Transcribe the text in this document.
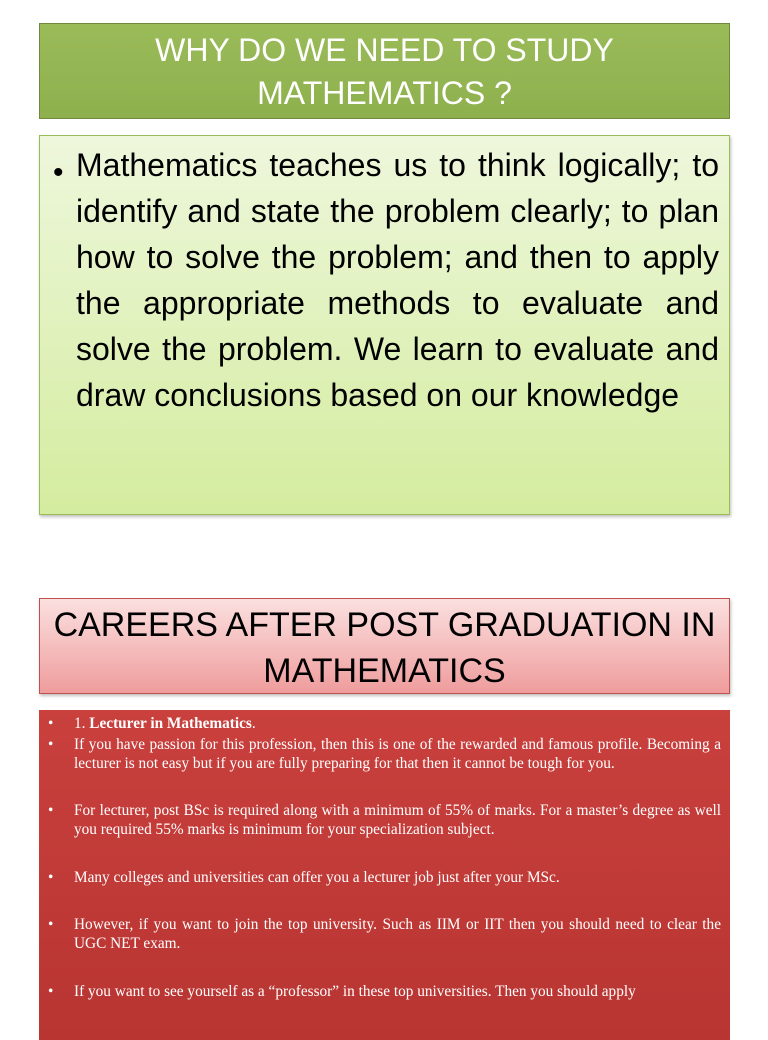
WHY DO WE NEED TO STUDY MATHEMATICS ?
• Mathematics teaches us to think logically; to identify and state the problem clearly; to plan how to solve the problem; and then to apply the appropriate methods to evaluate and solve the problem. We learn to evaluate and draw conclusions based on our knowledge
CAREERS AFTER POST GRADUATION IN MATHEMATICS
• 1. Lecturer in Mathematics.
• If you have passion for this profession, then this is one of the rewarded and famous profile. Becoming a lecturer is not easy but if you are fully preparing for that then it cannot be tough for you.
• For lecturer, post BSc is required along with a minimum of 55% of marks. For a master’s degree as well you required 55% marks is minimum for your specialization subject.
• Many colleges and universities can offer you a lecturer job just after your MSc.
• However, if you want to join the top university. Such as IIM or IIT then you should need to clear the UGC NET exam.
• If you want to see yourself as a “professor” in these top universities. Then you should apply
